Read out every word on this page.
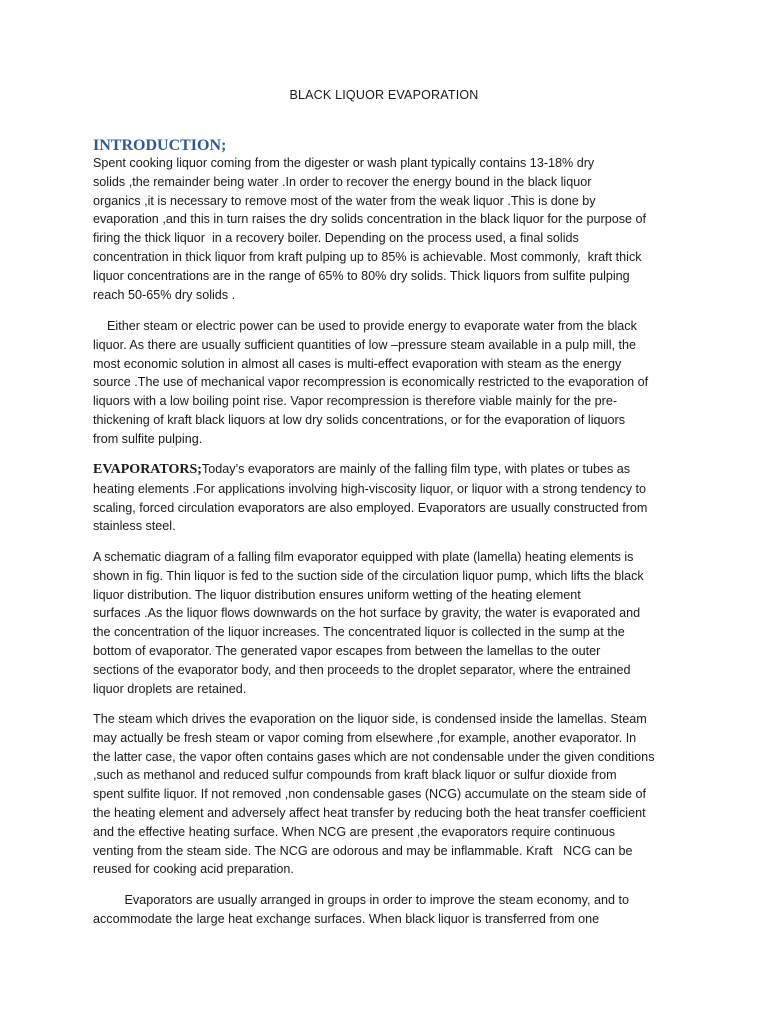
BLACK LIQUOR EVAPORATION
INTRODUCTION;
Spent cooking liquor coming from the digester or wash plant typically contains 13-18% dry
solids ,the remainder being water .In order to recover the energy bound in the black liquor
organics ,it is necessary to remove most of the water from the weak liquor .This is done by
evaporation ,and this in turn raises the dry solids concentration in the black liquor for the purpose of
firing the thick liquor  in a recovery boiler. Depending on the process used, a final solids
concentration in thick liquor from kraft pulping up to 85% is achievable. Most commonly,  kraft thick
liquor concentrations are in the range of 65% to 80% dry solids. Thick liquors from sulfite pulping
reach 50-65% dry solids .
Either steam or electric power can be used to provide energy to evaporate water from the black
liquor. As there are usually sufficient quantities of low –pressure steam available in a pulp mill, the
most economic solution in almost all cases is multi-effect evaporation with steam as the energy
source .The use of mechanical vapor recompression is economically restricted to the evaporation of
liquors with a low boiling point rise. Vapor recompression is therefore viable mainly for the pre-
thickening of kraft black liquors at low dry solids concentrations, or for the evaporation of liquors
from sulfite pulping.
EVAPORATORS;Today’s evaporators are mainly of the falling film type, with plates or tubes as
heating elements .For applications involving high-viscosity liquor, or liquor with a strong tendency to
scaling, forced circulation evaporators are also employed. Evaporators are usually constructed from
stainless steel.
A schematic diagram of a falling film evaporator equipped with plate (lamella) heating elements is
shown in fig. Thin liquor is fed to the suction side of the circulation liquor pump, which lifts the black
liquor distribution. The liquor distribution ensures uniform wetting of the heating element
surfaces .As the liquor flows downwards on the hot surface by gravity, the water is evaporated and
the concentration of the liquor increases. The concentrated liquor is collected in the sump at the
bottom of evaporator. The generated vapor escapes from between the lamellas to the outer
sections of the evaporator body, and then proceeds to the droplet separator, where the entrained
liquor droplets are retained.
The steam which drives the evaporation on the liquor side, is condensed inside the lamellas. Steam
may actually be fresh steam or vapor coming from elsewhere ,for example, another evaporator. In
the latter case, the vapor often contains gases which are not condensable under the given conditions
,such as methanol and reduced sulfur compounds from kraft black liquor or sulfur dioxide from
spent sulfite liquor. If not removed ,non condensable gases (NCG) accumulate on the steam side of
the heating element and adversely affect heat transfer by reducing both the heat transfer coefficient
and the effective heating surface. When NCG are present ,the evaporators require continuous
venting from the steam side. The NCG are odorous and may be inflammable. Kraft   NCG can be
reused for cooking acid preparation.
Evaporators are usually arranged in groups in order to improve the steam economy, and to
accommodate the large heat exchange surfaces. When black liquor is transferred from one
